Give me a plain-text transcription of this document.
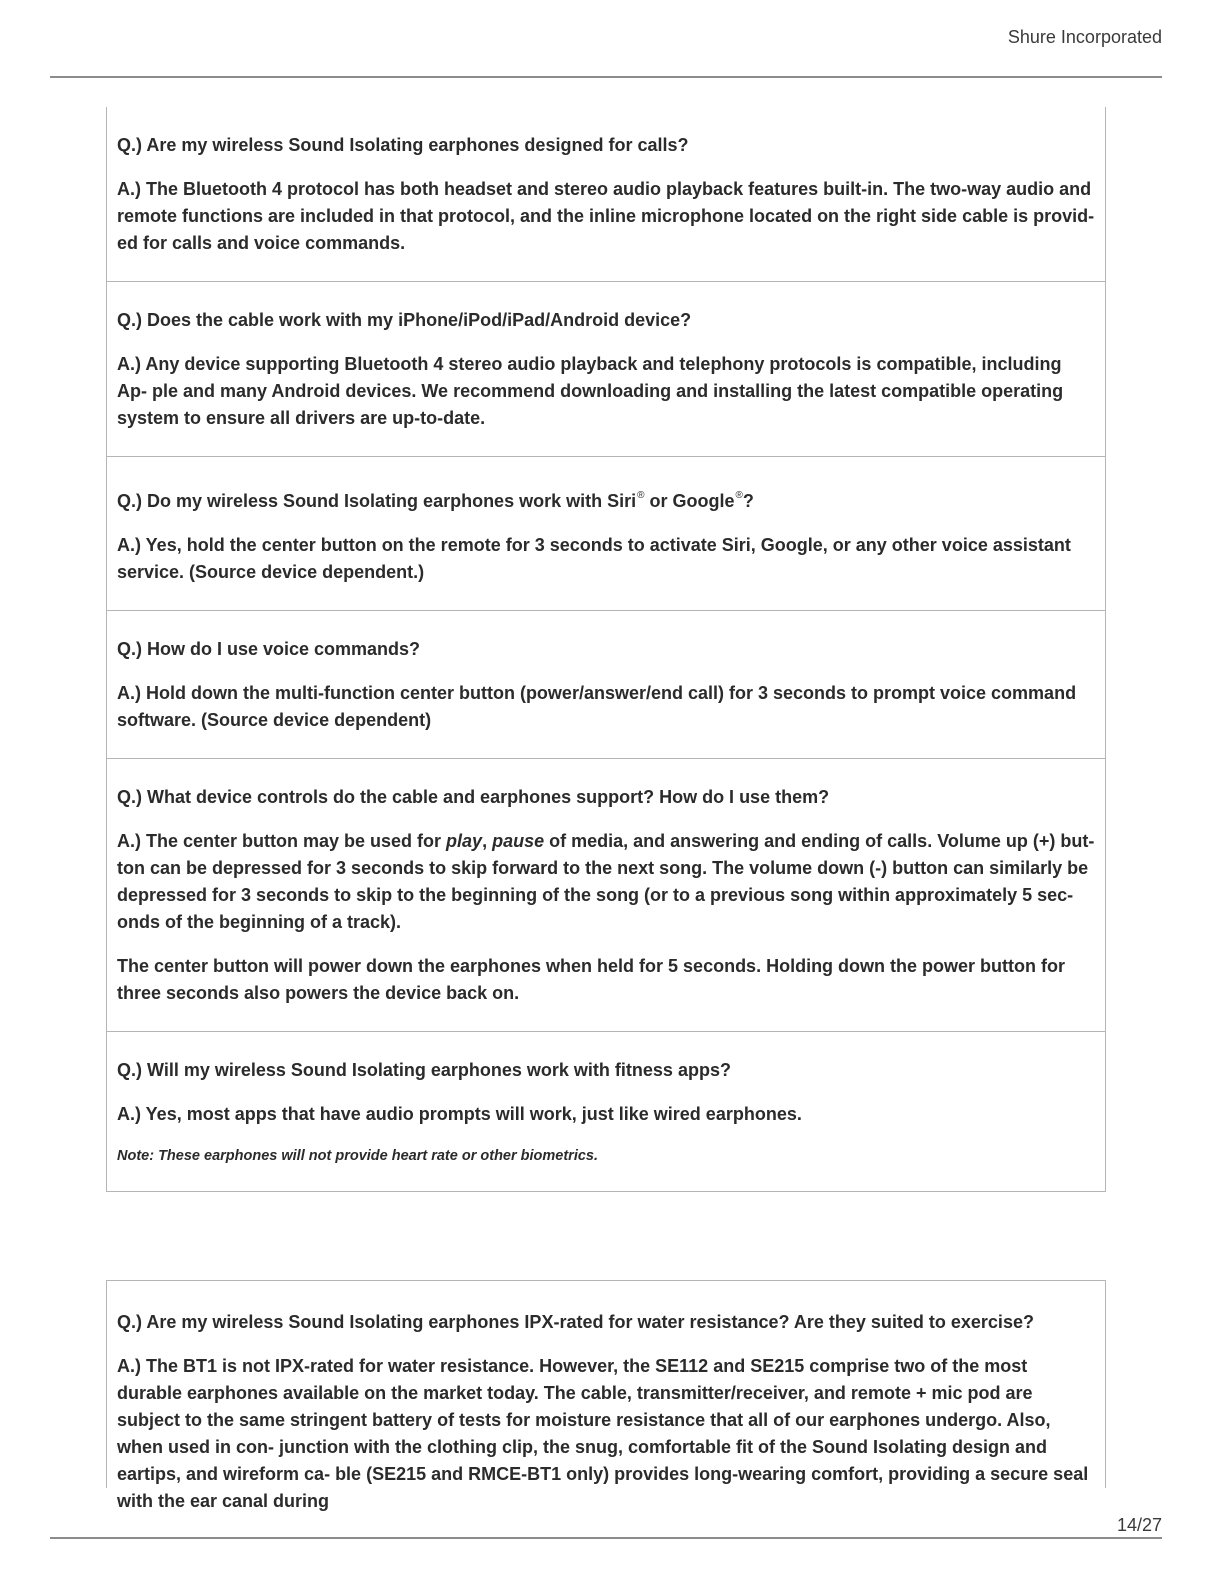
Shure Incorporated

Q.) Are my wireless Sound Isolating earphones designed for calls?

A.) The Bluetooth 4 protocol has both headset and stereo audio playback features built-in. The two-way audio and remote functions are included in that protocol, and the inline microphone located on the right side cable is provid- ed for calls and voice commands.

Q.) Does the cable work with my iPhone/iPod/iPad/Android device?

A.) Any device supporting Bluetooth 4 stereo audio playback and telephony protocols is compatible, including Ap- ple and many Android devices. We recommend downloading and installing the latest compatible operating system to ensure all drivers are up-to-date.

Q.) Do my wireless Sound Isolating earphones work with Siri® or Google®?

A.) Yes, hold the center button on the remote for 3 seconds to activate Siri, Google, or any other voice assistant service. (Source device dependent.)

Q.) How do I use voice commands?

A.) Hold down the multi-function center button (power/answer/end call) for 3 seconds to prompt voice command software. (Source device dependent)

Q.) What device controls do the cable and earphones support? How do I use them?

A.) The center button may be used for play, pause of media, and answering and ending of calls. Volume up (+) but- ton can be depressed for 3 seconds to skip forward to the next song. The volume down (-) button can similarly be depressed for 3 seconds to skip to the beginning of the song (or to a previous song within approximately 5 sec- onds of the beginning of a track).

The center button will power down the earphones when held for 5 seconds. Holding down the power button for three seconds also powers the device back on.

Q.) Will my wireless Sound Isolating earphones work with fitness apps?

A.) Yes, most apps that have audio prompts will work, just like wired earphones.

Note: These earphones will not provide heart rate or other biometrics.

Q.) Are my wireless Sound Isolating earphones IPX-rated for water resistance? Are they suited to exercise?

A.) The BT1 is not IPX-rated for water resistance. However, the SE112 and SE215 comprise two of the most durable earphones available on the market today. The cable, transmitter/receiver, and remote + mic pod are subject to the same stringent battery of tests for moisture resistance that all of our earphones undergo. Also, when used in con- junction with the clothing clip, the snug, comfortable fit of the Sound Isolating design and eartips, and wireform ca- ble (SE215 and RMCE-BT1 only) provides long-wearing comfort, providing a secure seal with the ear canal during

14/27
